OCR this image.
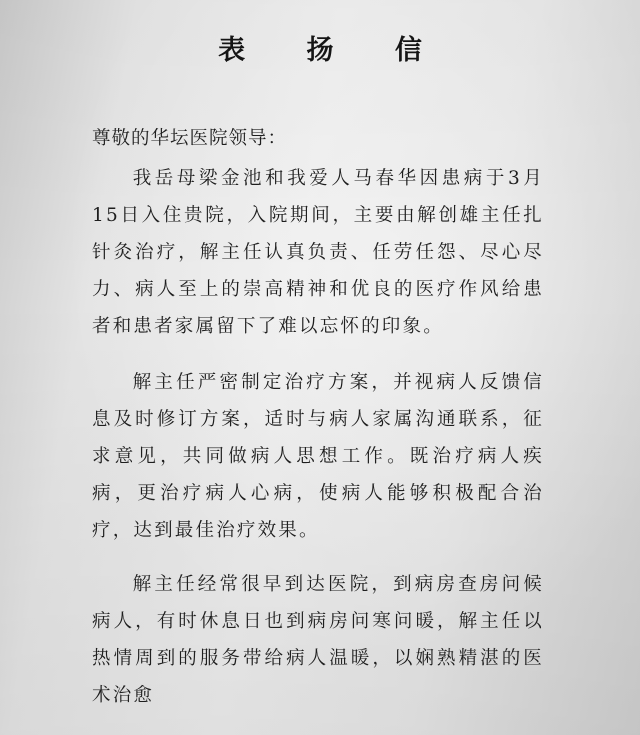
表 扬 信
尊敬的华坛医院领导：

我岳母梁金池和我爱人马春华因患病于3月15日入住贵院，入院期间，主要由解创雄主任扎针灸治疗，解主任认真负责、任劳任怨、尽心尽力、病人至上的崇高精神和优良的医疗作风给患者和患者家属留下了难以忘怀的印象。

解主任严密制定治疗方案，并视病人反馈信息及时修订方案，适时与病人家属沟通联系，征求意见，共同做病人思想工作。既治疗病人疾病，更治疗病人心病，使病人能够积极配合治疗，达到最佳治疗效果。

解主任经常很早到达医院，到病房查房问候病人，有时休息日也到病房问寒问暖，解主任以热情周到的服务带给病人温暖，以娴熟精湛的医术治愈
